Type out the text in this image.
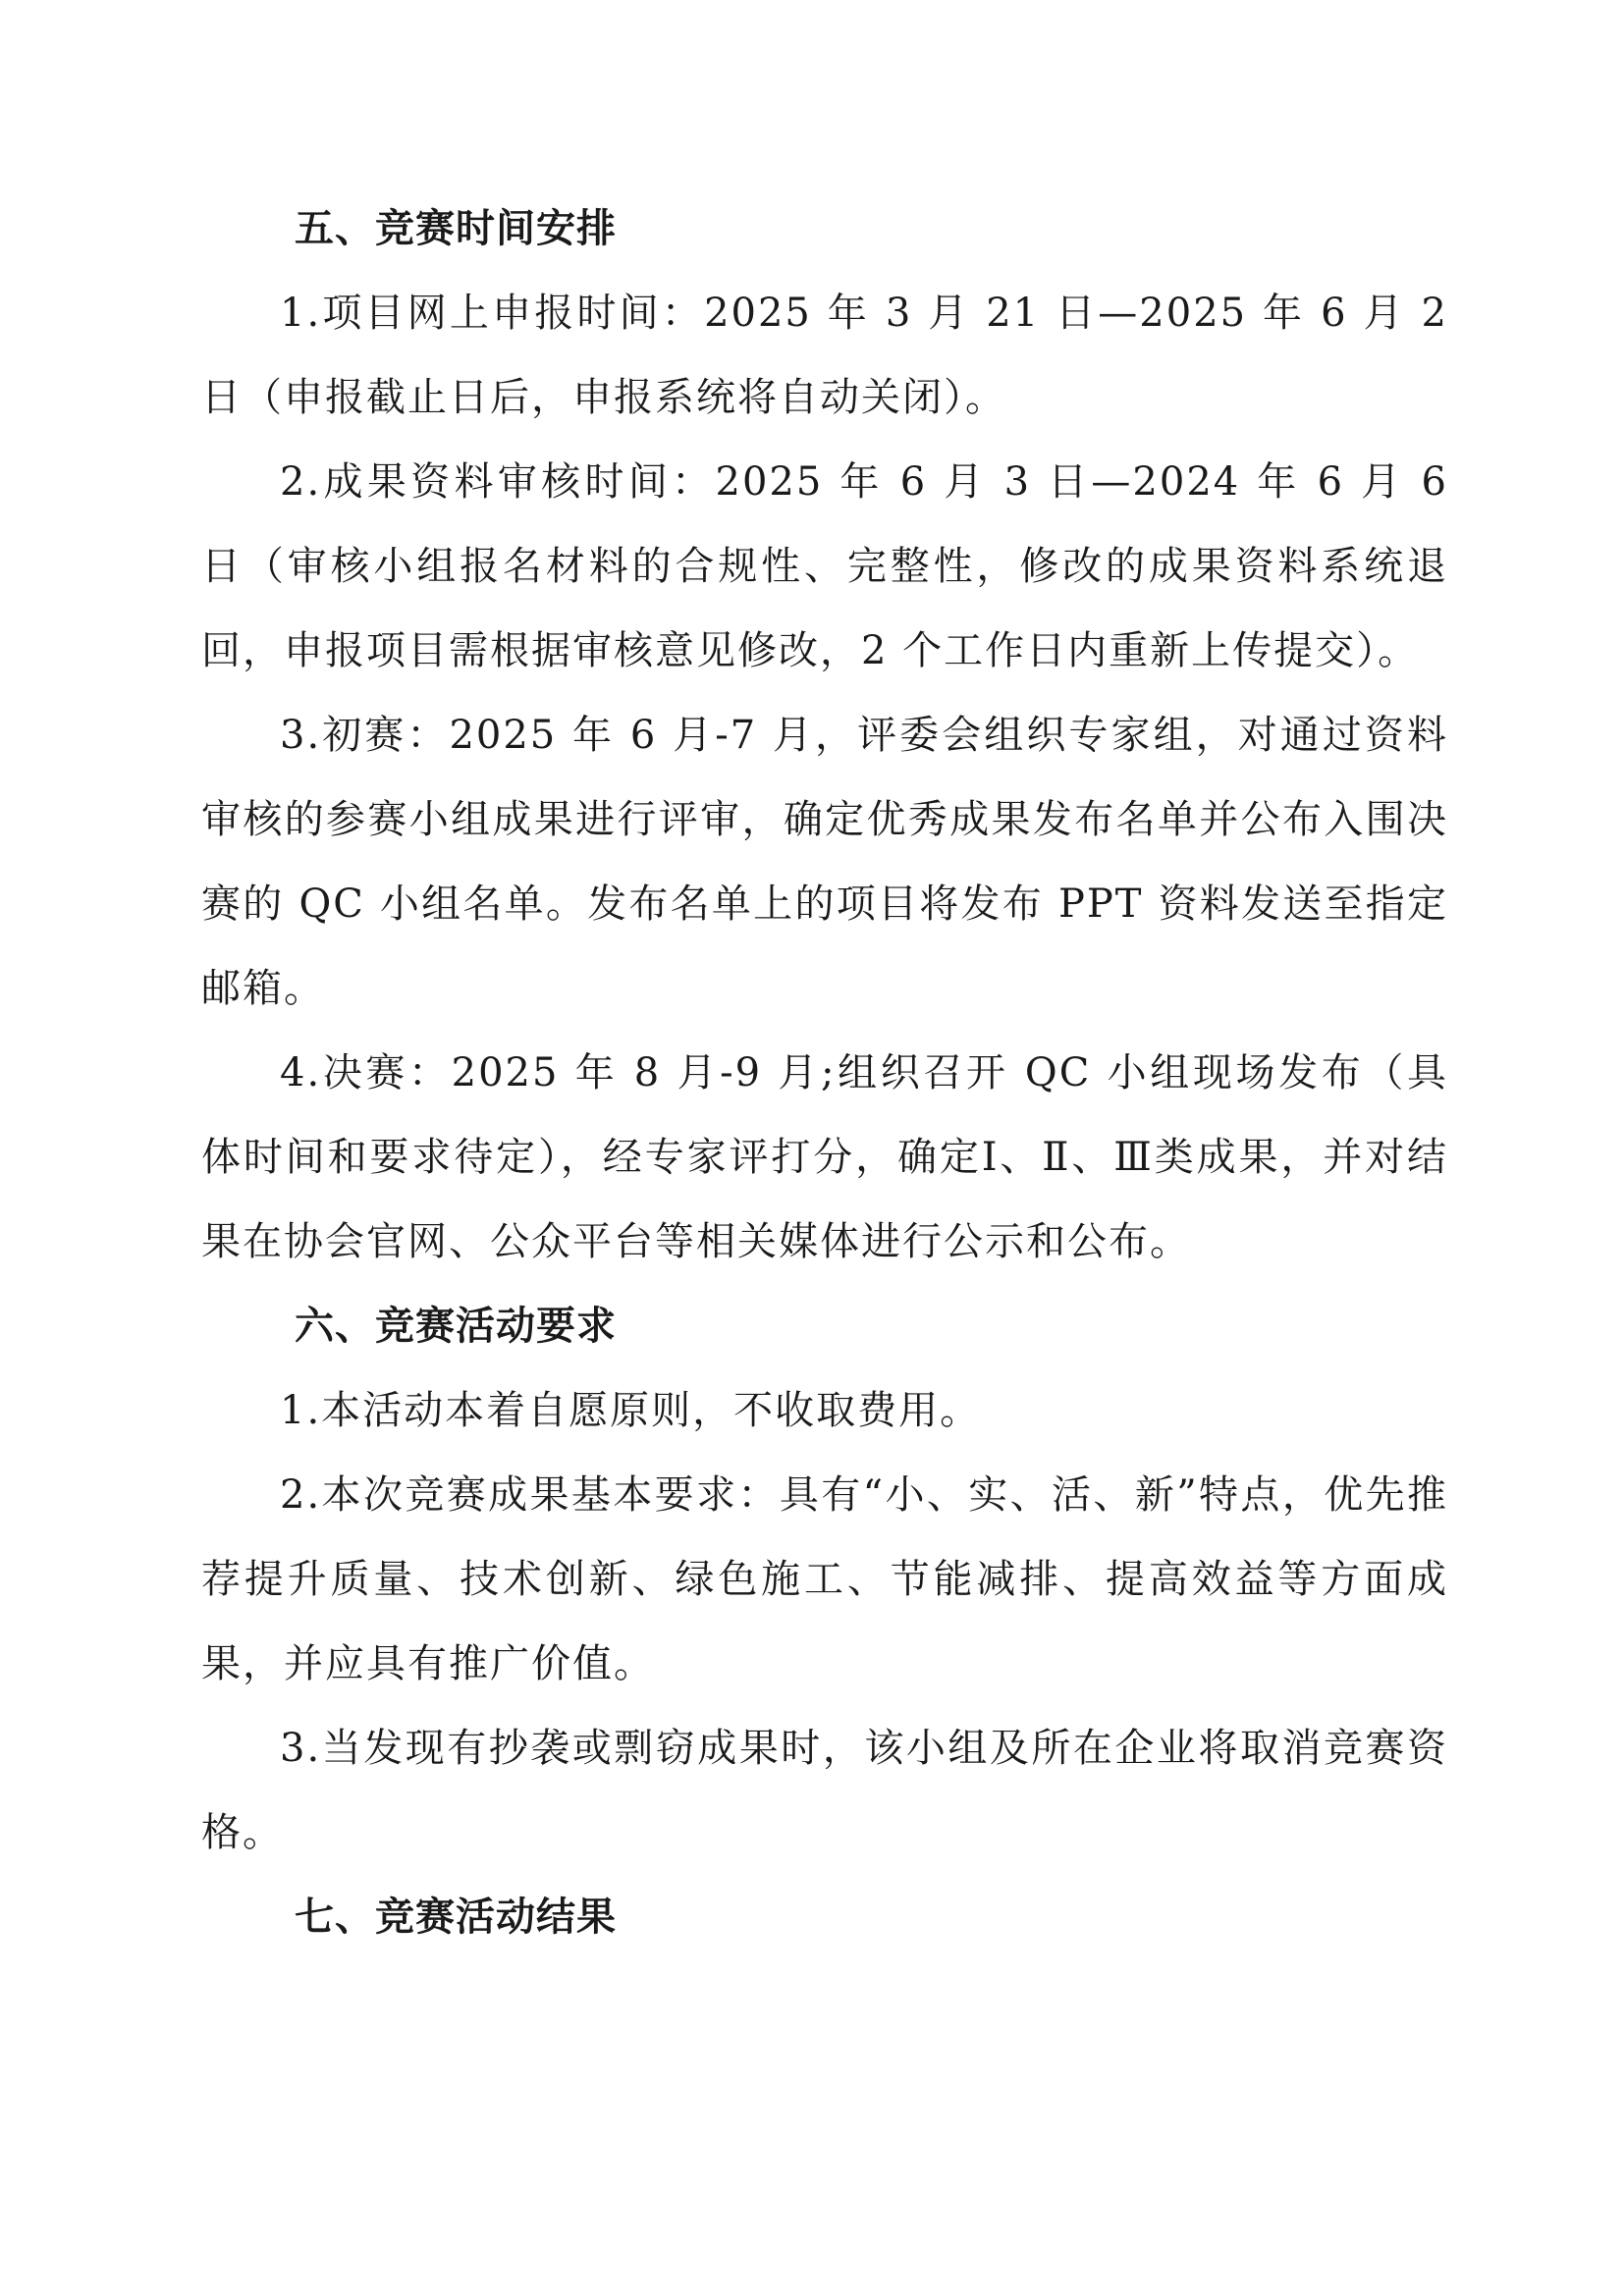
五、竞赛时间安排

1.项目网上申报时间：2025 年 3 月 21 日—2025 年 6 月 2 日（申报截止日后，申报系统将自动关闭）。

2.成果资料审核时间：2025 年 6 月 3 日—2024 年 6 月 6 日（审核小组报名材料的合规性、完整性，修改的成果资料系统退回，申报项目需根据审核意见修改，2 个工作日内重新上传提交）。

3.初赛：2025 年 6 月-7 月，评委会组织专家组，对通过资料审核的参赛小组成果进行评审，确定优秀成果发布名单并公布入围决赛的 QC 小组名单。发布名单上的项目将发布 PPT 资料发送至指定邮箱。

4.决赛：2025 年 8 月-9 月;组织召开 QC 小组现场发布（具体时间和要求待定），经专家评打分，确定Ⅰ、Ⅱ、Ⅲ类成果，并对结果在协会官网、公众平台等相关媒体进行公示和公布。

六、竞赛活动要求

1.本活动本着自愿原则，不收取费用。

2.本次竞赛成果基本要求：具有“小、实、活、新”特点，优先推荐提升质量、技术创新、绿色施工、节能减排、提高效益等方面成果，并应具有推广价值。

3.当发现有抄袭或剽窃成果时，该小组及所在企业将取消竞赛资格。

七、竞赛活动结果
